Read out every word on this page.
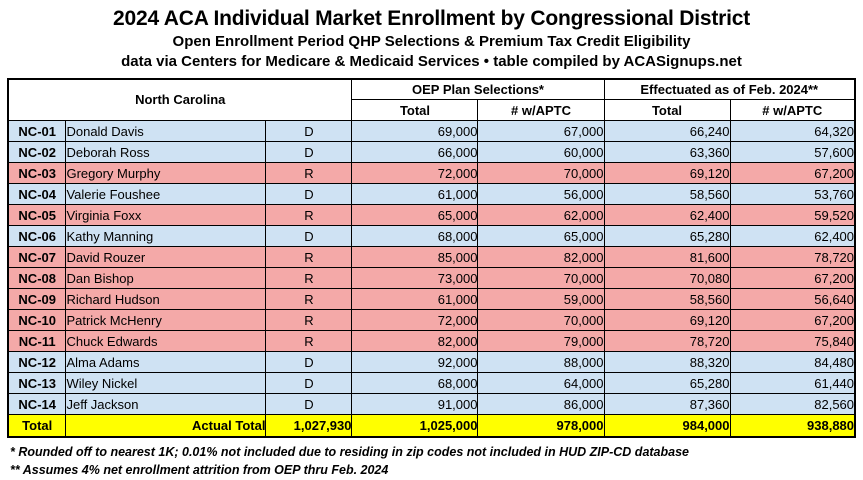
2024 ACA Individual Market Enrollment by Congressional District
Open Enrollment Period QHP Selections & Premium Tax Credit Eligibility
data via Centers for Medicare & Medicaid Services • table compiled by ACASignups.net
North Carolina			OEP Plan Selections*		Effectuated as of Feb. 2024**	
			Total	# w/APTC	Total	# w/APTC
NC-01	Donald Davis	D	69,000	67,000	66,240	64,320
NC-02	Deborah Ross	D	66,000	60,000	63,360	57,600
NC-03	Gregory Murphy	R	72,000	70,000	69,120	67,200
NC-04	Valerie Foushee	D	61,000	56,000	58,560	53,760
NC-05	Virginia Foxx	R	65,000	62,000	62,400	59,520
NC-06	Kathy Manning	D	68,000	65,000	65,280	62,400
NC-07	David Rouzer	R	85,000	82,000	81,600	78,720
NC-08	Dan Bishop	R	73,000	70,000	70,080	67,200
NC-09	Richard Hudson	R	61,000	59,000	58,560	56,640
NC-10	Patrick McHenry	R	72,000	70,000	69,120	67,200
NC-11	Chuck Edwards	R	82,000	79,000	78,720	75,840
NC-12	Alma Adams	D	92,000	88,000	88,320	84,480
NC-13	Wiley Nickel	D	68,000	64,000	65,280	61,440
NC-14	Jeff Jackson	D	91,000	86,000	87,360	82,560
Total	Actual Total	1,027,930	1,025,000	978,000	984,000	938,880
* Rounded off to nearest 1K; 0.01% not included due to residing in zip codes not included in HUD ZIP-CD database
** Assumes 4% net enrollment attrition from OEP thru Feb. 2024
